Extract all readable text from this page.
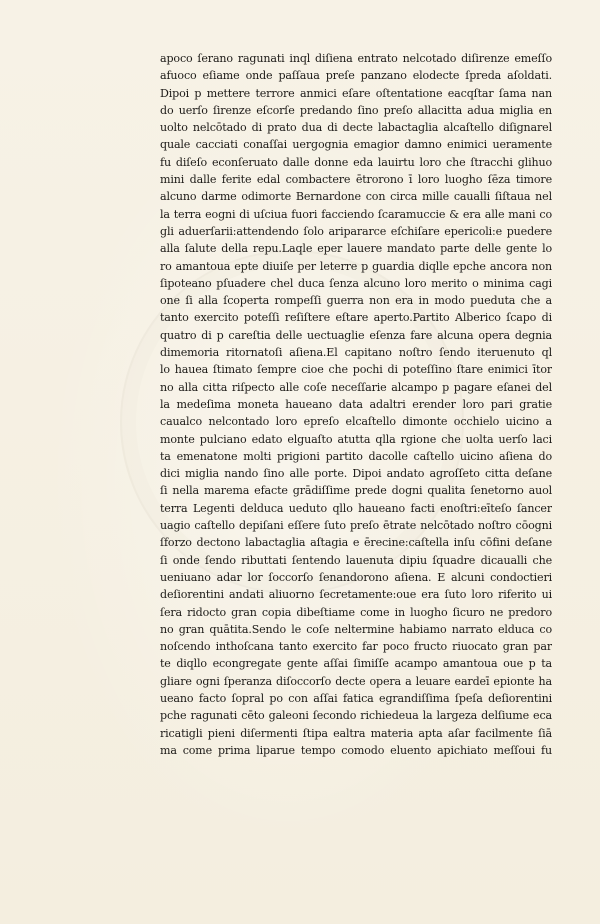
apoco ſerano ragunati inql diſiena entrato nelcotado diſirenze emeſſo
afuoco eſiame onde paſſaua preſe panzano elodecte ſpreda aſoldati.
Dipoi p mettere terrore anmici eſare oſtentatione eacqſtar ſama nan
do uerſo ſirenze eſcorſe predando ſino preſo allacitta adua miglia en
uolto nelcōtado di prato dua di decte labactaglia alcaſtello diſignarel
quale cacciati conaſſai uergognia emagior damno enimici ueramente
fu diſeſo econſeruato dalle donne eda lauirtu loro che ſtracchi glihuo
mini dalle ferite edal combactere ētrorono ī loro luogho ſēza timore
alcuno darme odimorte Bernardone con circa mille caualli ſiſtaua nel
la terra eogni di uſciua fuori facciendo ſcaramuccie & era alle mani co
gli aduerſarii:attendendo ſolo aripararce eſchiſare epericoli:e puedere
alla ſalute della repu.Laqle eper lauere mandato parte delle gente lo
ro amantoua epte diuiſe per leterre p guardia diqlle epche ancora non
ſipoteano pſuadere chel duca ſenza alcuno loro merito o minima cagi
one ſi alla ſcoperta rompeſſi guerra non era in modo pueduta che a
tanto exercito poteſſi reſiſtere eſtare aperto.Partito Alberico ſcapo di
quatro di p careſtia delle uectuaglie eſenza fare alcuna opera degnia
dimemoria ritornatoſi aſiena.El capitano noſtro ſendo iteruenuto ql
lo hauea ſtimato ſempre cioe che pochi di poteſſino ſtare enimici ītor
no alla citta riſpecto alle coſe neceſſarie alcampo p pagare eſanei del
la medeſima moneta haueano data adaltri erender loro pari gratie
caualco nelcontado loro epreſo elcaſtello dimonte occhielo uicino a
monte pulciano edato elguaſto atutta qlla rgione che uolta uerſo laci
ta emenatone molti prigioni partito dacolle caſtello uicino aſiena do
dici miglia nando ſino alle porte. Dipoi andato agroſſeto citta deſane
ſi nella marema efacte grādiſſime prede dogni qualita ſenetorno auol
terra Legenti delduca ueduto qllo haueano facti enoſtri:eīteſo ſancer
uagio caſtello depiſani eſſere ſuto preſo ētrate nelcōtado noſtro cōogni
ſforzo dectono labactaglia aſtagia e ērecine:caſtella inſu cōfini deſane
ſi onde ſendo ributtati ſentendo lauenuta dipiu ſquadre dicaualli che
ueniuano adar lor ſoccorſo ſenandorono aſiena. E alcuni condoctieri
deſiorentini andati aliuorno ſecretamente:oue era ſuto loro riferito ui
ſera ridocto gran copia dibeſtiame come in luogho ſicuro ne predoro
no gran quātita.Sendo le coſe neltermine habiamo narrato elduca co
noſcendo inthoſcana tanto exercito far poco fructo riuocato gran par
te diqllo econgregate gente aſſai ſimiſſe acampo amantoua oue p ta
gliare ogni ſperanza diſoccorſo decte opera a leuare eardeī epionte ha
ueano facto ſopral po con aſſai fatica egrandiſſima ſpeſa deſiorentini
pche ragunati cēto galeoni ſecondo richiedeua la largeza delſiume eca
ricatigli pieni diſermenti ſtipa ealtra materia apta aſar facilmente ſiā
ma come prima liparue tempo comodo eluento apichiato meſſoui fu
